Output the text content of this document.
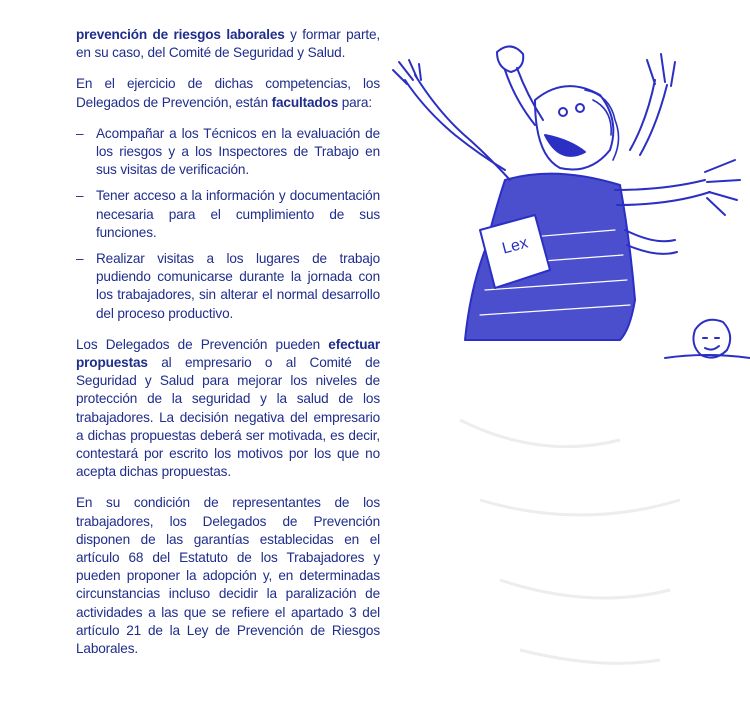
prevención de riesgos laborales y formar parte, en su caso, del Comité de Seguridad y Salud.

En el ejercicio de dichas competencias, los Delegados de Prevención, están facultados para:

– Acompañar a los Técnicos en la evaluación de los riesgos y a los Inspectores de Trabajo en sus visitas de verificación.
– Tener acceso a la información y documentación necesaria para el cumplimiento de sus funciones.
– Realizar visitas a los lugares de trabajo pudiendo comunicarse durante la jornada con los trabajadores, sin alterar el normal desarrollo del proceso productivo.

Los Delegados de Prevención pueden efectuar propuestas al empresario o al Comité de Seguridad y Salud para mejorar los niveles de protección de la seguridad y la salud de los trabajadores. La decisión negativa del empresario a dichas propuestas deberá ser motivada, es decir, contestará por escrito los motivos por los que no acepta dichas propuestas.

En su condición de representantes de los trabajadores, los Delegados de Prevención disponen de las garantías establecidas en el artículo 68 del Estatuto de los Trabajadores y pueden proponer la adopción y, en determinadas circunstancias incluso decidir la paralización de actividades a las que se refiere el apartado 3 del artículo 21 de la Ley de Prevención de Riesgos Laborales.

Lex
